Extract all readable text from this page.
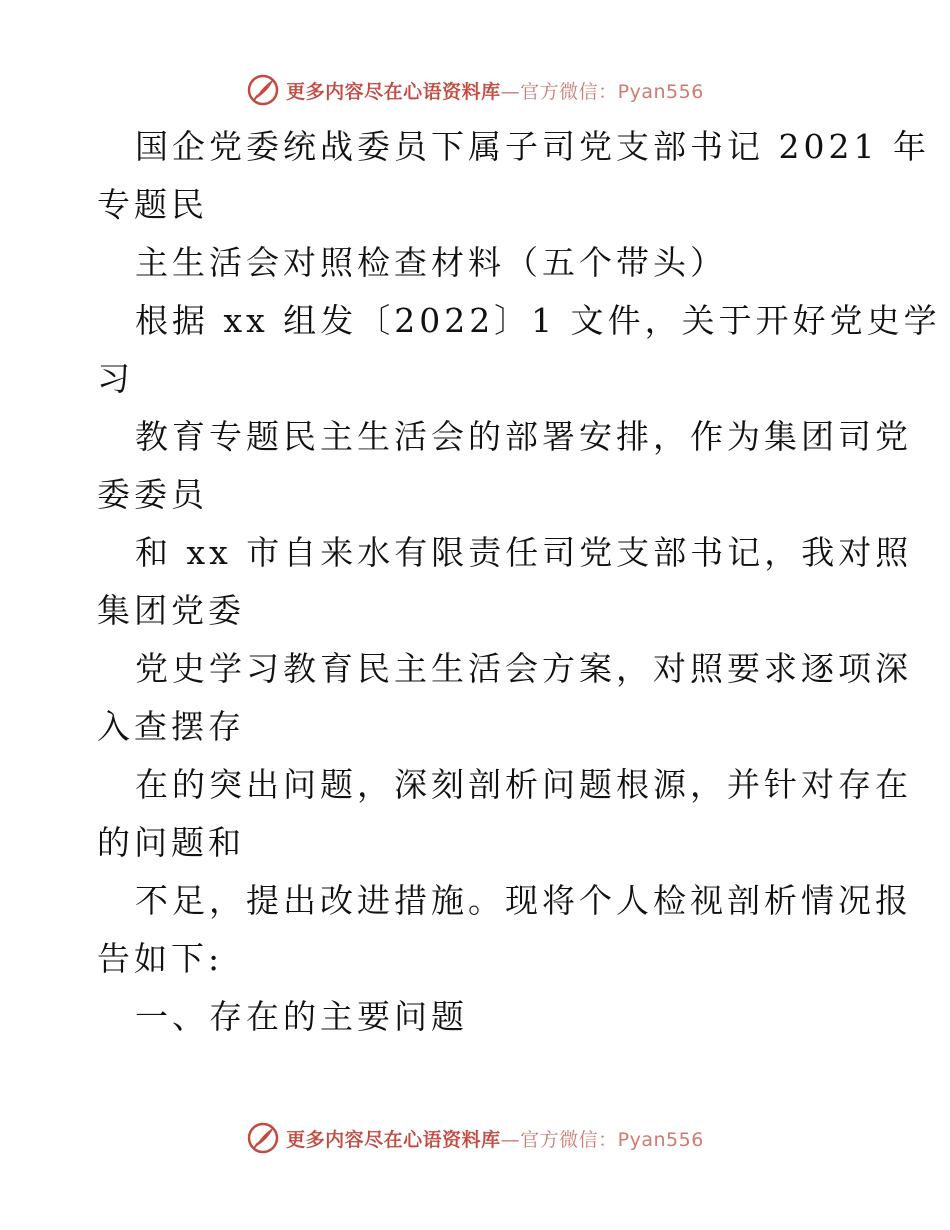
更多内容尽在心语资料库—官方微信：Pyan556
国企党委统战委员下属子司党支部书记 2021 年
专题民
主生活会对照检查材料（五个带头）
根据 xx 组发〔2022〕1 文件，关于开好党史学
习
教育专题民主生活会的部署安排，作为集团司党
委委员
和 xx 市自来水有限责任司党支部书记，我对照
集团党委
党史学习教育民主生活会方案，对照要求逐项深
入查摆存
在的突出问题，深刻剖析问题根源，并针对存在
的问题和
不足，提出改进措施。现将个人检视剖析情况报
告如下:
一、存在的主要问题
更多内容尽在心语资料库—官方微信：Pyan556
